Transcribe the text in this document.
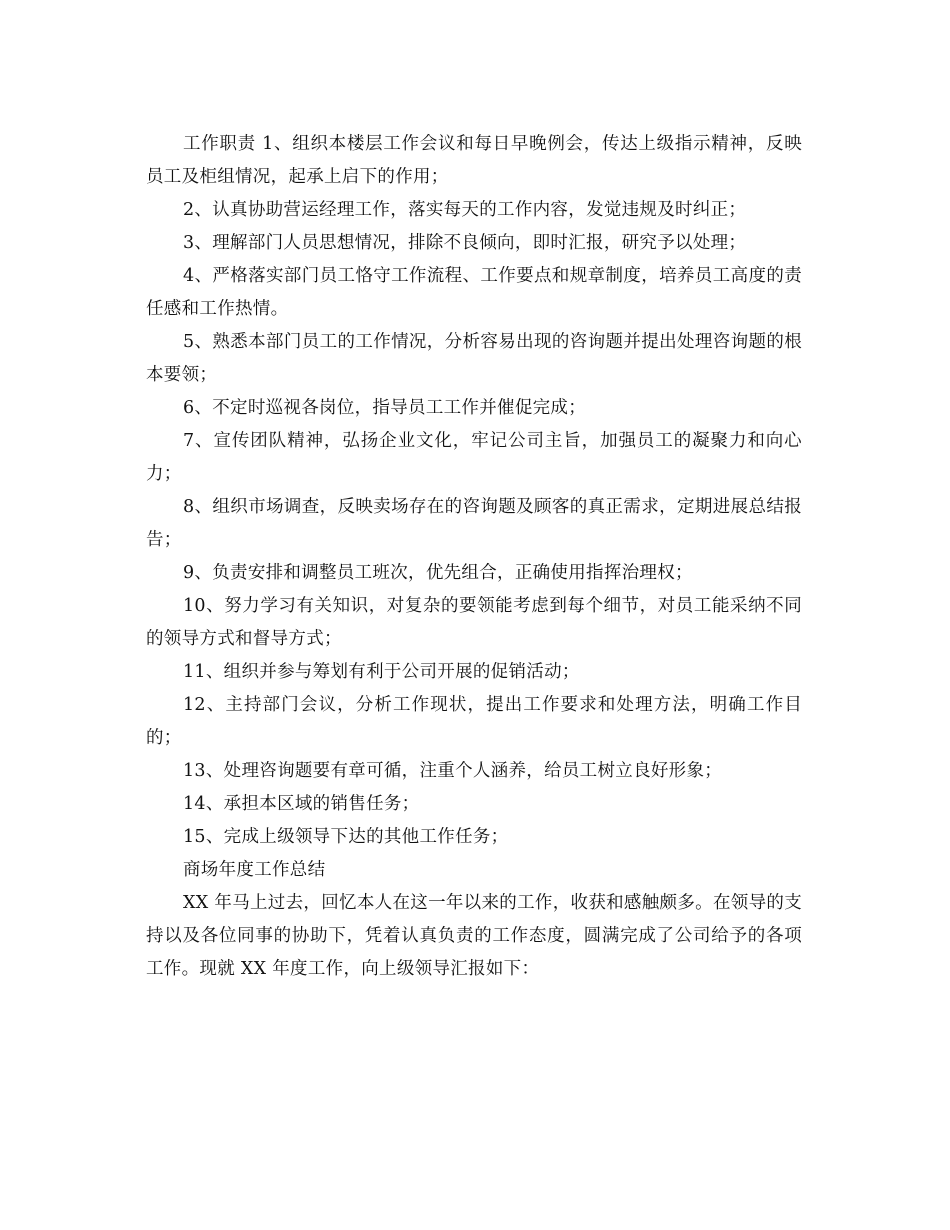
工作职责 1、组织本楼层工作会议和每日早晚例会，传达上级指示精神，反映员工及柜组情况，起承上启下的作用；

2、认真协助营运经理工作，落实每天的工作内容，发觉违规及时纠正；

3、理解部门人员思想情况，排除不良倾向，即时汇报，研究予以处理；

4、严格落实部门员工恪守工作流程、工作要点和规章制度，培养员工高度的责任感和工作热情。

5、熟悉本部门员工的工作情况，分析容易出现的咨询题并提出处理咨询题的根本要领；

6、不定时巡视各岗位，指导员工工作并催促完成；

7、宣传团队精神，弘扬企业文化，牢记公司主旨，加强员工的凝聚力和向心力；

8、组织市场调查，反映卖场存在的咨询题及顾客的真正需求，定期进展总结报告；

9、负责安排和调整员工班次，优先组合，正确使用指挥治理权；

10、努力学习有关知识，对复杂的要领能考虑到每个细节，对员工能采纳不同的领导方式和督导方式；

11、组织并参与筹划有利于公司开展的促销活动；

12、主持部门会议，分析工作现状，提出工作要求和处理方法，明确工作目的；

13、处理咨询题要有章可循，注重个人涵养，给员工树立良好形象；

14、承担本区域的销售任务；

15、完成上级领导下达的其他工作任务；

商场年度工作总结

XX 年马上过去，回忆本人在这一年以来的工作，收获和感触颇多。在领导的支持以及各位同事的协助下，凭着认真负责的工作态度，圆满完成了公司给予的各项工作。现就 XX 年度工作，向上级领导汇报如下：
